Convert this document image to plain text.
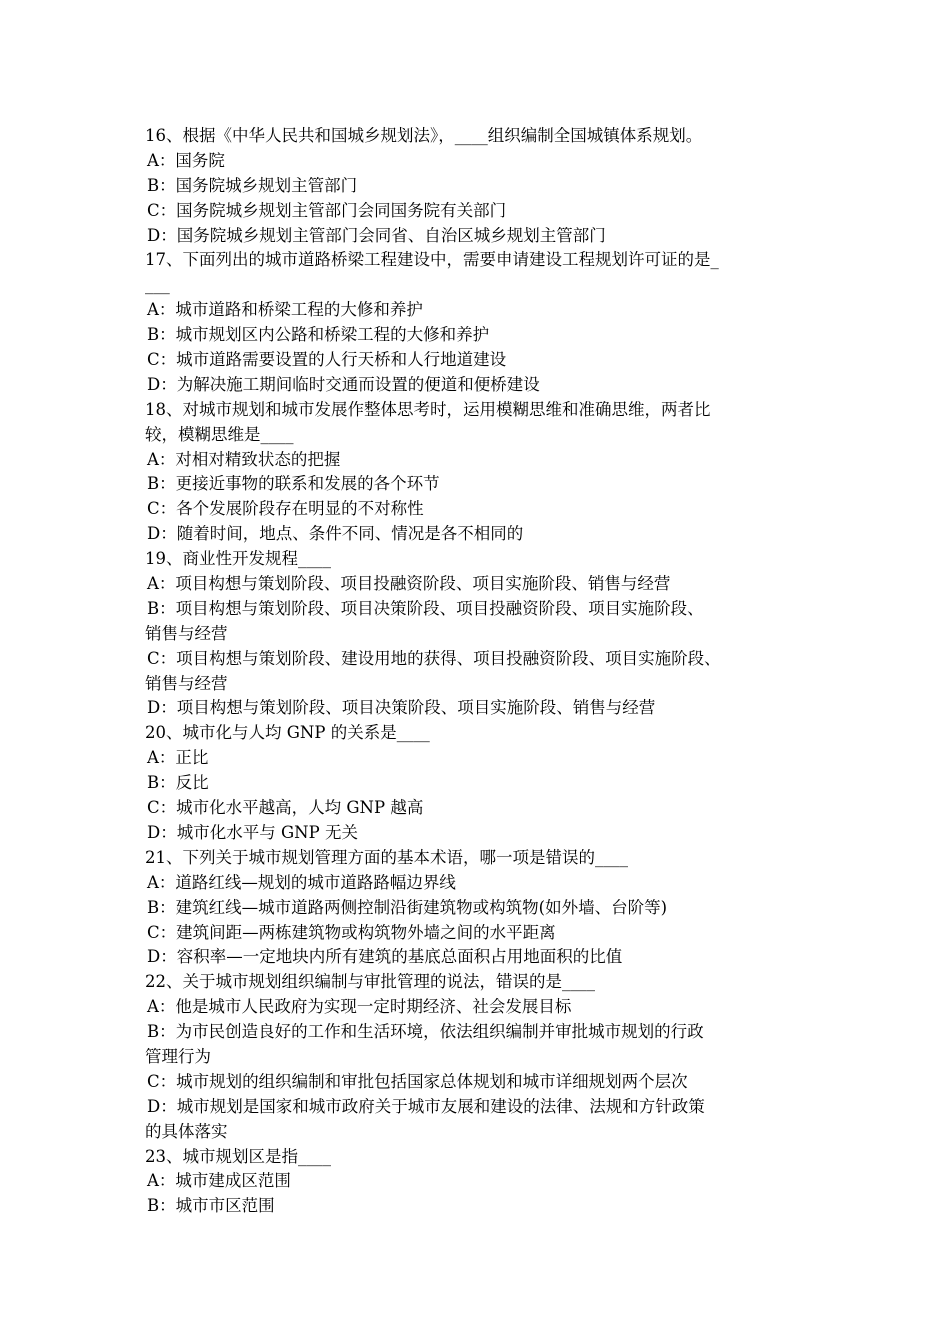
16、根据《中华人民共和国城乡规划法》，____组织编制全国城镇体系规划。
A：国务院
B：国务院城乡规划主管部门
C：国务院城乡规划主管部门会同国务院有关部门
D：国务院城乡规划主管部门会同省、自治区城乡规划主管部门
17、下面列出的城市道路桥梁工程建设中，需要申请建设工程规划许可证的是_
___
A：城市道路和桥梁工程的大修和养护
B：城市规划区内公路和桥梁工程的大修和养护
C：城市道路需要设置的人行天桥和人行地道建设
D：为解决施工期间临时交通而设置的便道和便桥建设
18、对城市规划和城市发展作整体思考时，运用模糊思维和准确思维，两者比
较，模糊思维是____
A：对相对精致状态的把握
B：更接近事物的联系和发展的各个环节
C：各个发展阶段存在明显的不对称性
D：随着时间，地点、条件不同、情况是各不相同的
19、商业性开发规程____
A：项目构想与策划阶段、项目投融资阶段、项目实施阶段、销售与经营
B：项目构想与策划阶段、项目决策阶段、项目投融资阶段、项目实施阶段、
销售与经营
C：项目构想与策划阶段、建设用地的获得、项目投融资阶段、项目实施阶段、
销售与经营
D：项目构想与策划阶段、项目决策阶段、项目实施阶段、销售与经营
20、城市化与人均 GNP 的关系是____
A：正比
B：反比
C：城市化水平越高，人均 GNP 越高
D：城市化水平与 GNP 无关
21、下列关于城市规划管理方面的基本术语，哪一项是错误的____
A：道路红线—规划的城市道路路幅边界线
B：建筑红线—城市道路两侧控制沿街建筑物或构筑物(如外墙、台阶等)
C：建筑间距—两栋建筑物或构筑物外墙之间的水平距离
D：容积率—一定地块内所有建筑的基底总面积占用地面积的比值
22、关于城市规划组织编制与审批管理的说法，错误的是____
A：他是城市人民政府为实现一定时期经济、社会发展目标
B：为市民创造良好的工作和生活环境，依法组织编制并审批城市规划的行政
管理行为
C：城市规划的组织编制和审批包括国家总体规划和城市详细规划两个层次
D：城市规划是国家和城市政府关于城市友展和建设的法律、法规和方针政策
的具体落实
23、城市规划区是指____
A：城市建成区范围
B：城市市区范围
